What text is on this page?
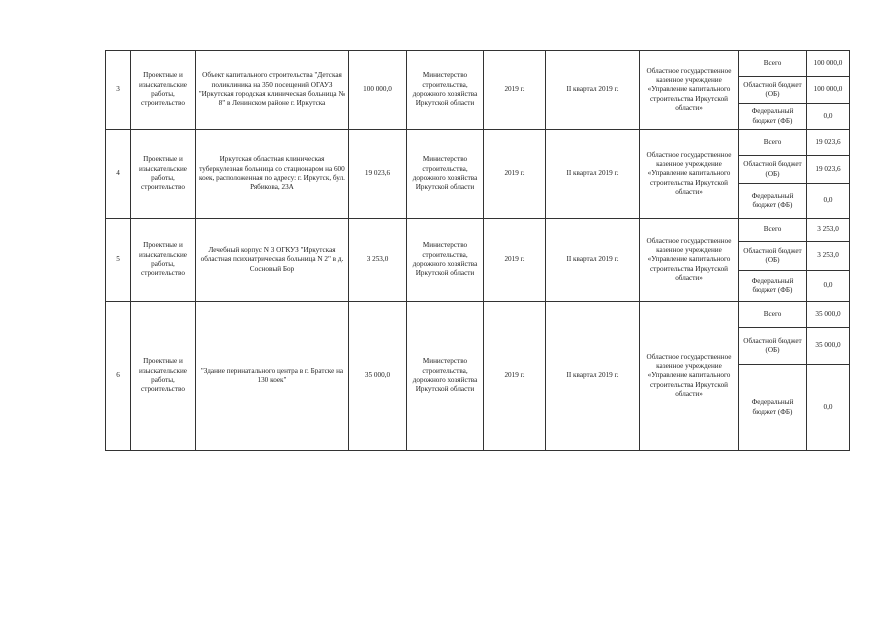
3	Проектные и изыскательские работы, строительство	Объект капитального строительства "Детская поликлиника на 350 посещений ОГАУЗ "Иркутская городская клиническая больница № 8" в Ленинском районе г. Иркутска	100 000,0	Министерство строительства, дорожного хозяйства Иркутской области	2019 г.	II квартал 2019 г.	Областное государственное казенное учреждение «Управление капитального строительства Иркутской области»	Всего	100 000,0
								Областной бюджет (ОБ)	100 000,0
								Федеральный бюджет (ФБ)	0,0
4	Проектные и изыскательские работы, строительство	Иркутская областная клиническая туберкулезная больница со стационаром на 600 коек, расположенная по адресу: г. Иркутск, бул. Рябикова, 23А	19 023,6	Министерство строительства, дорожного хозяйства Иркутской области	2019 г.	II квартал 2019 г.	Областное государственное казенное учреждение «Управление капитального строительства Иркутской области»	Всего	19 023,6
								Областной бюджет (ОБ)	19 023,6
								Федеральный бюджет (ФБ)	0,0
5	Проектные и изыскательские работы, строительство	Лечебный корпус N 3 ОГКУЗ "Иркутская областная психиатрическая больница N 2" в д. Сосновый Бор	3 253,0	Министерство строительства, дорожного хозяйства Иркутской области	2019 г.	II квартал 2019 г.	Областное государственное казенное учреждение «Управление капитального строительства Иркутской области»	Всего	3 253,0
								Областной бюджет (ОБ)	3 253,0
								Федеральный бюджет (ФБ)	0,0
6	Проектные и изыскательские работы, строительство	"Здание перинатального центра в г. Братске на 130 коек"	35 000,0	Министерство строительства, дорожного хозяйства Иркутской области	2019 г.	II квартал 2019 г.	Областное государственное казенное учреждение «Управление капитального строительства Иркутской области»	Всего	35 000,0
								Областной бюджет (ОБ)	35 000,0
								Федеральный бюджет (ФБ)	0,0
